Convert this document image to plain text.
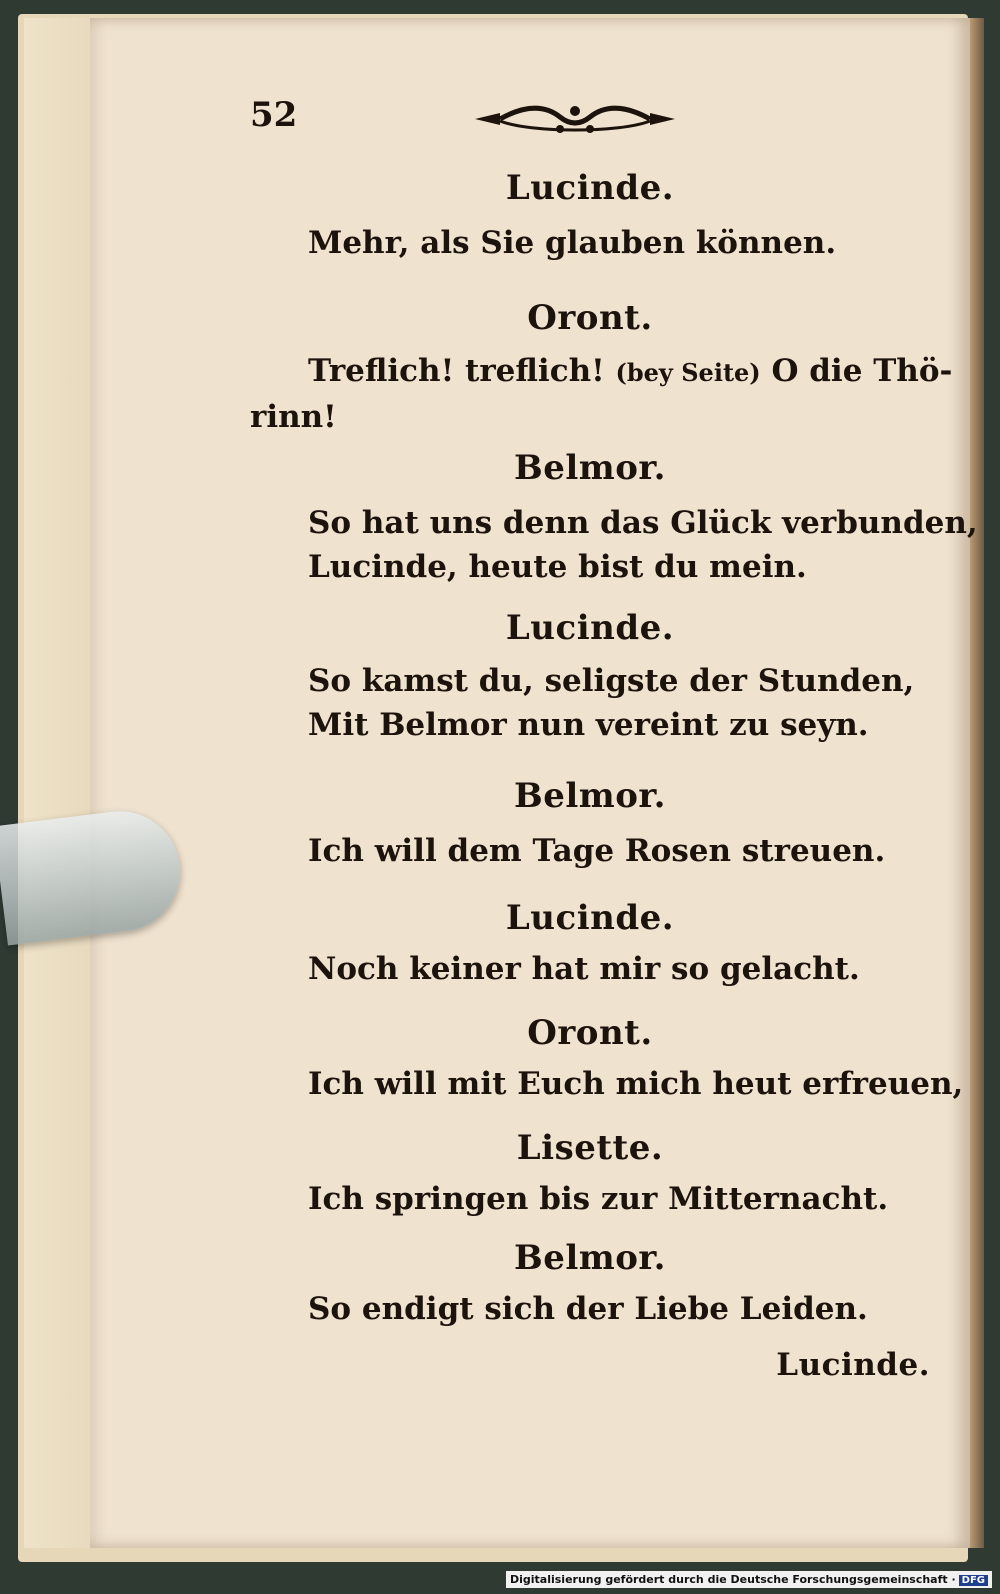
52
Lucinde.
Mehr, als Sie glauben können.
Oront.
Treflich! treflich! (bey Seite) O die Thö-
rinn!
Belmor.
So hat uns denn das Glück verbunden,
Lucinde, heute bist du mein.
Lucinde.
So kamst du, seligste der Stunden,
Mit Belmor nun vereint zu seyn.
Belmor.
Ich will dem Tage Rosen streuen.
Lucinde.
Noch keiner hat mir so gelacht.
Oront.
Ich will mit Euch mich heut erfreuen,
Lisette.
Ich springen bis zur Mitternacht.
Belmor.
So endigt sich der Liebe Leiden.
Lucinde.
Digitalisierung gefördert durch die Deutsche Forschungsgemeinschaft · DFG
